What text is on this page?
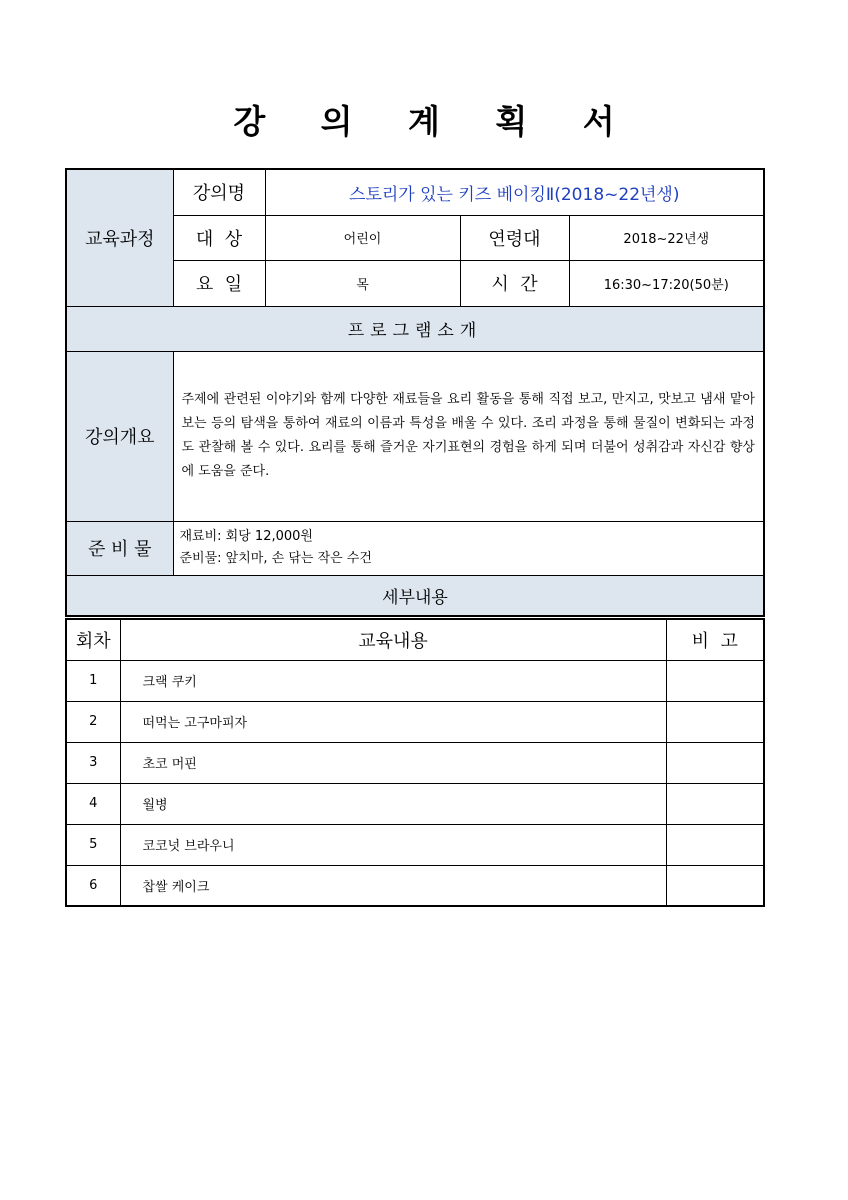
강 의 계 획 서
교육과정	강의명	스토리가 있는 키즈 베이킹Ⅱ(2018~22년생)		
	대  상	어린이	연령대	2018~22년생
	요  일	목	시  간	16:30~17:20(50분)
프로그램소개				
강의개요	주제에 관련된 이야기와 함께 다양한 재료들을 요리 활동을 통해 직접 보고, 만지고, 맛보고 냄새 맡아보는 등의 탐색을 통하여 재료의 이름과 특성을 배울 수 있다. 조리 과정을 통해 물질이 변화되는 과정도 관찰해 볼 수 있다. 요리를 통해 즐거운 자기표현의 경험을 하게 되며 더불어 성취감과 자신감 향상에 도움을 준다.			
준 비 물	재료비: 회당 12,000원
준비물: 앞치마, 손 닦는 작은 수건			

세부내용				
회차	교육내용	비  고
1	크랙 쿠키	
2	떠먹는 고구마피자	
3	초코 머핀	
4	월병	
5	코코넛 브라우니	
6	찹쌀 케이크	
